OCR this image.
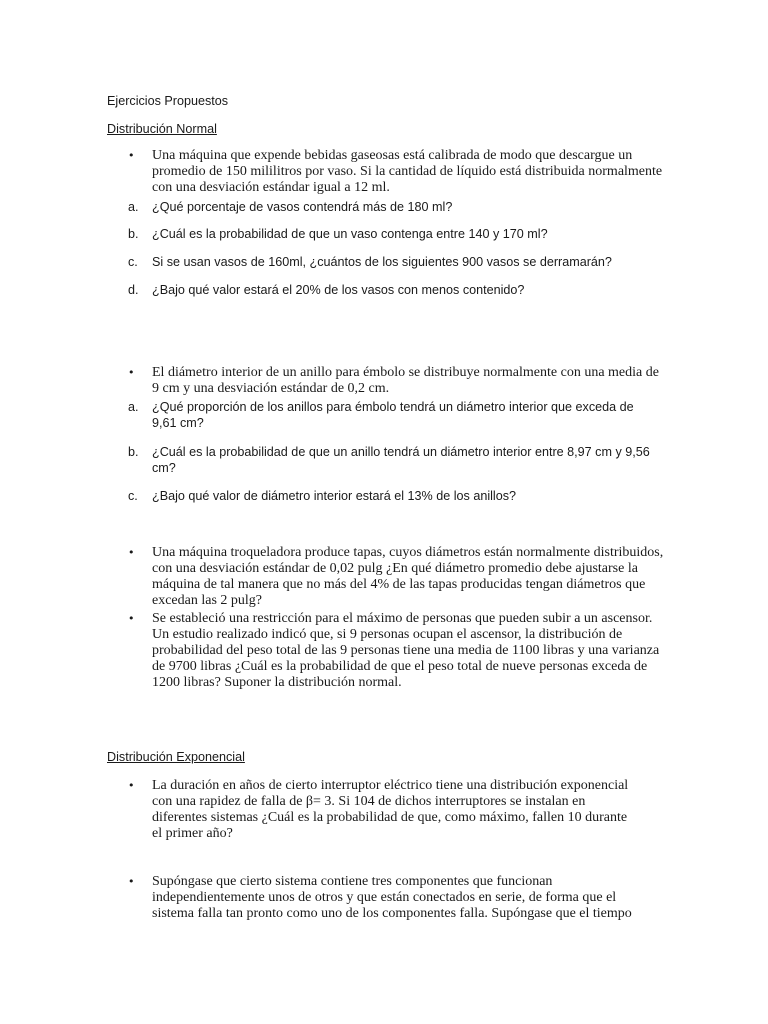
Ejercicios Propuestos
Distribución Normal
• Una máquina que expende bebidas gaseosas está calibrada de modo que descargue un
promedio de 150 mililitros por vaso. Si la cantidad de líquido está distribuida normalmente
con una desviación estándar igual a 12 ml.
a. ¿Qué porcentaje de vasos contendrá más de 180 ml?
b. ¿Cuál es la probabilidad de que un vaso contenga entre 140 y 170 ml?
c. Si se usan vasos de 160ml, ¿cuántos de los siguientes 900 vasos se derramarán?
d. ¿Bajo qué valor estará el 20% de los vasos con menos contenido?
• El diámetro interior de un anillo para émbolo se distribuye normalmente con una media de
9 cm y una desviación estándar de 0,2 cm.
a. ¿Qué proporción de los anillos para émbolo tendrá un diámetro interior que exceda de
9,61 cm?
b. ¿Cuál es la probabilidad de que un anillo tendrá un diámetro interior entre 8,97 cm y 9,56
cm?
c. ¿Bajo qué valor de diámetro interior estará el 13% de los anillos?
• Una máquina troqueladora produce tapas, cuyos diámetros están normalmente distribuidos,
con una desviación estándar de 0,02 pulg ¿En qué diámetro promedio debe ajustarse la
máquina de tal manera que no más del 4% de las tapas producidas tengan diámetros que
excedan las 2 pulg?
• Se estableció una restricción para el máximo de personas que pueden subir a un ascensor.
Un estudio realizado indicó que, si 9 personas ocupan el ascensor, la distribución de
probabilidad del peso total de las 9 personas tiene una media de 1100 libras y una varianza
de 9700 libras ¿Cuál es la probabilidad de que el peso total de nueve personas exceda de
1200 libras? Suponer la distribución normal.
Distribución Exponencial
• La duración en años de cierto interruptor eléctrico tiene una distribución exponencial
con una rapidez de falla de β= 3. Si 104 de dichos interruptores se instalan en
diferentes sistemas ¿Cuál es la probabilidad de que, como máximo, fallen 10 durante
el primer año?
• Supóngase que cierto sistema contiene tres componentes que funcionan
independientemente unos de otros y que están conectados en serie, de forma que el
sistema falla tan pronto como uno de los componentes falla. Supóngase que el tiempo
